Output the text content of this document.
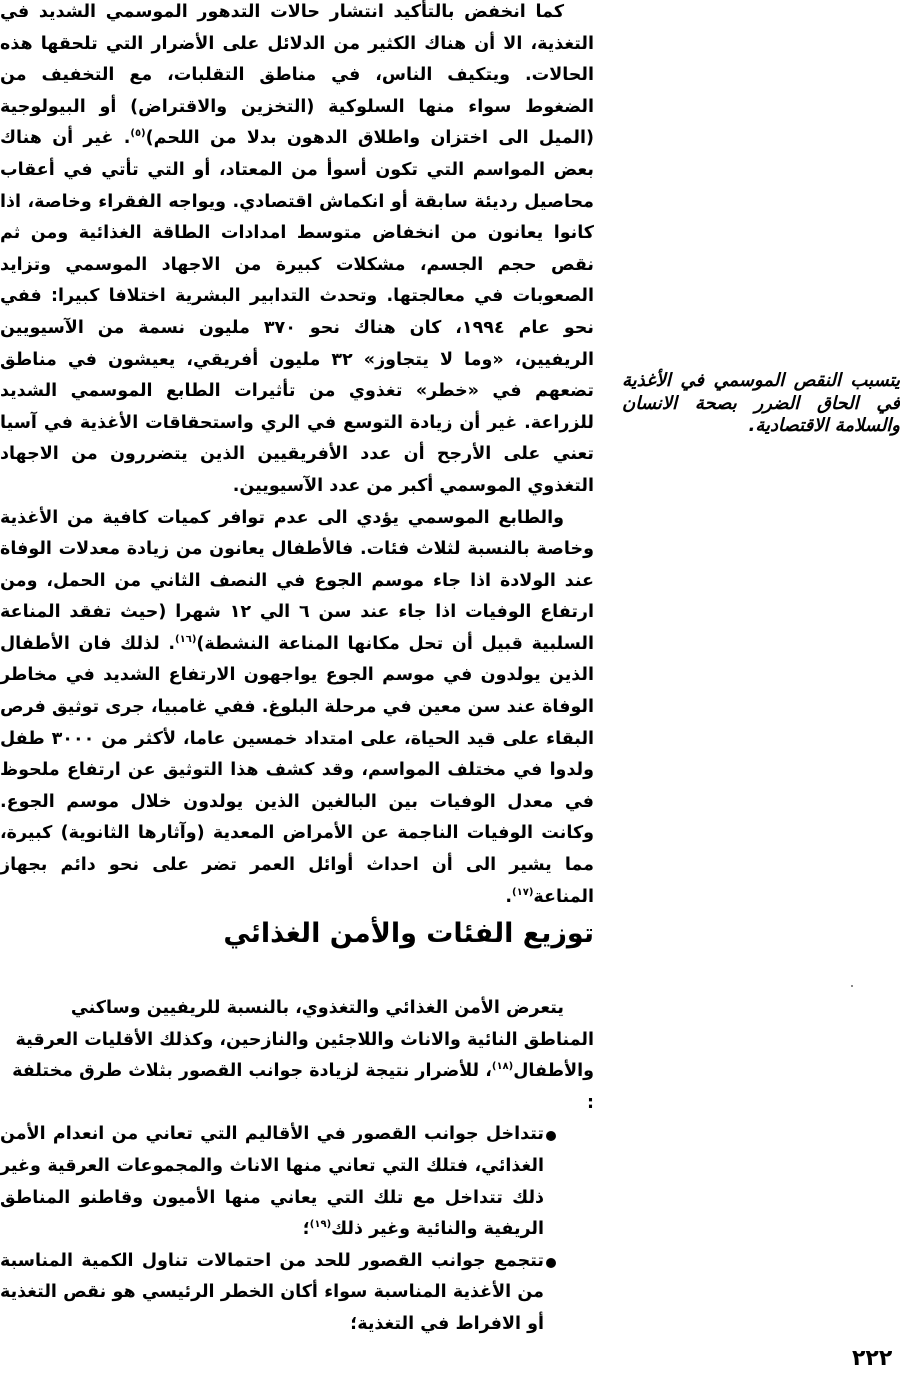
كما انخفض بالتأكيد انتشار حالات التدهور الموسمي الشديد في التغذية، الا أن هناك الكثير من الدلائل على الأضرار التي تلحقها هذه الحالات. ويتكيف الناس، في مناطق التقلبات، مع التخفيف من الضغوط سواء منها السلوكية (التخزين والاقتراض) أو البيولوجية (الميل الى اختزان واطلاق الدهون بدلا من اللحم)$^{(٥)}$. غير أن هناك بعض المواسم التي تكون أسوأ من المعتاد، أو التي تأتي في أعقاب محاصيل رديئة سابقة أو انكماش اقتصادي. ويواجه الفقراء وخاصة، اذا كانوا يعانون من انخفاض متوسط امدادات الطاقة الغذائية ومن ثم نقص حجم الجسم، مشكلات كبيرة من الاجهاد الموسمي وتزايد الصعوبات في معالجتها. وتحدث التدابير البشرية اختلافا كبيرا: ففي نحو عام ١٩٩٤، كان هناك نحو ٣٧٠ مليون نسمة من الآسيويين الريفيين، «وما لا يتجاوز» ٣٢ مليون أفريقي، يعيشون في مناطق تضعهم في «خطر» تغذوي من تأثيرات الطابع الموسمي الشديد للزراعة. غير أن زيادة التوسع في الري واستحقاقات الأغذية في آسيا تعني على الأرجح أن عدد الأفريقيين الذين يتضررون من الاجهاد التغذوي الموسمي أكبر من عدد الآسيويين.

والطابع الموسمي يؤدي الى عدم توافر كميات كافية من الأغذية وخاصة بالنسبة لثلاث فئات. فالأطفال يعانون من زيادة معدلات الوفاة عند الولادة اذا جاء موسم الجوع في النصف الثاني من الحمل، ومن ارتفاع الوفيات اذا جاء عند سن ٦ الي ١٢ شهرا (حيث تفقد المناعة السلبية قبيل أن تحل مكانها المناعة النشطة)$^{(١٦)}$. لذلك فان الأطفال الذين يولدون في موسم الجوع يواجهون الارتفاع الشديد في مخاطر الوفاة عند سن معين في مرحلة البلوغ. ففي غامبيا، جرى توثيق فرص البقاء على قيد الحياة، على امتداد خمسين عاما، لأكثر من ٣٠٠٠ طفل ولدوا في مختلف المواسم، وقد كشف هذا التوثيق عن ارتفاع ملحوظ في معدل الوفيات بين البالغين الذين يولدون خلال موسم الجوع. وكانت الوفيات الناجمة عن الأمراض المعدية (وآثارها الثانوية) كبيرة، مما يشير الى أن احداث أوائل العمر تضر على نحو دائم بجهاز المناعة$^{(١٧)}$.

يتسبب النقص الموسمي في الأغذية في الحاق الضرر بصحة الانسان والسلامة الاقتصادية.
توزيع الفئات والأمن الغذائي

يتعرض الأمن الغذائي والتغذوي، بالنسبة للريفيين وساكني المناطق النائية والاناث واللاجئين والنازحين، وكذلك الأقليات العرقية والأطفال$^{(١٨)}$، للأضرار نتيجة لزيادة جوانب القصور بثلاث طرق مختلفة :

تتداخل جوانب القصور في الأقاليم التي تعاني من انعدام الأمن الغذائي، فتلك التي تعاني منها الاناث والمجموعات العرقية وغير ذلك تتداخل مع تلك التي يعاني منها الأميون وقاطنو المناطق الريفية والنائية وغير ذلك$^{(١٩)}$؛
تتجمع جوانب القصور للحد من احتمالات تناول الكمية المناسبة من الأغذية المناسبة سواء أكان الخطر الرئيسي هو نقص التغذية أو الافراط في التغذية؛
٢٢٢
